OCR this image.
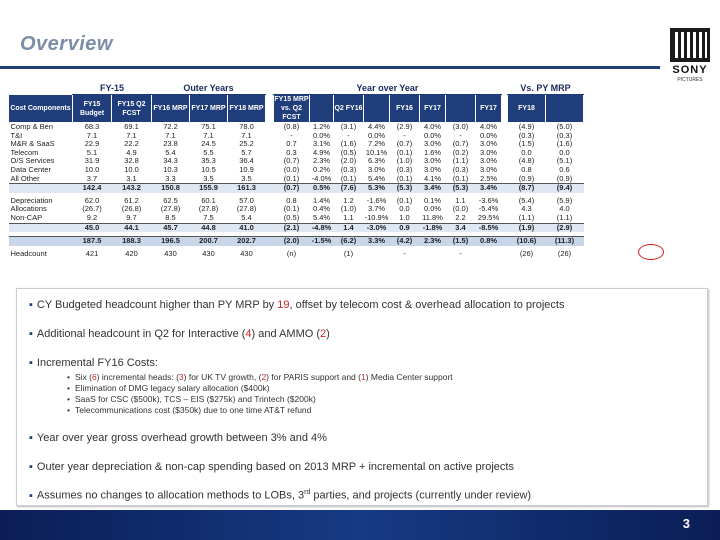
Overview
SONY
PICTURES
	FY-15		Outer Years				Year over Year									Vs. PY MRP	
Cost Components	FY15 Budget	FY15 Q2 FCST	FY16 MRP	FY17 MRP	FY18 MRP		FY15 MRP vs. Q2 FCST		Q2 FY16		FY16	FY17		FY17		FY18	
Comp & Ben	68.3	69.1	72.2	75.1	78.0		(0.8)	1.2%	(3.1)	4.4%	(2.9)	4.0%	(3.0)	4.0%		(4.9)	(5.0)
T&I	7.1	7.1	7.1	7.1	7.1		-	0.0%	-	0.0%	-	0.0%	-	0.0%		(0.3)	(0.3)
M&R & SaaS	22.9	22.2	23.8	24.5	25.2		0.7	3.1%	(1.6)	7.2%	(0.7)	3.0%	(0.7)	3.0%		(1.5)	(1.6)
Telecom	5.1	4.9	5.4	5.5	5.7		0.3	4.9%	(0.5)	10.1%	(0.1)	1.6%	(0.2)	3.0%		0.0	0.0
O/S Services	31.9	32.8	34.3	35.3	36.4		(0.7)	2.3%	(2.0)	6.3%	(1.0)	3.0%	(1.1)	3.0%		(4.8)	(5.1)
Data Center	10.0	10.0	10.3	10.5	10.9		(0.0)	0.2%	(0.3)	3.0%	(0.3)	3.0%	(0.3)	3.0%		0.8	0.6
All Other	3.7	3.1	3.3	3.5	3.5		(0.1)	-4.0%	(0.1)	5.4%	(0.1)	4.1%	(0.1)	2.5%		(0.9)	(0.9)
	142.4	143.2	150.8	155.9	161.3		(0.7)	0.5%	(7.6)	5.3%	(5.3)	3.4%	(5.3)	3.4%		(8.7)	(9.4)

Depreciation	62.0	61.2	62.5	60.1	57.0		0.8	1.4%	1.2	-1.6%	(0.1)	0.1%	1.1	-3.6%		(5.4)	(5.9)
Allocations	(26.7)	(26.8)	(27.8)	(27.8)	(27.8)		(0.1)	0.4%	(1.0)	3.7%	0.0	0.0%	(0.0)	-5.4%		4.3	4.0
Non-CAP	9.2	9.7	8.5	7.5	5.4		(0.5)	5.4%	1.1	-10.9%	1.0	11.8%	2.2	29.5%		(1.1)	(1.1)
	45.0	44.1	45.7	44.8	41.0		(2.1)	-4.8%	1.4	-3.0%	0.9	-1.8%	3.4	-8.5%		(1.9)	(2.9)

	187.5	188.3	196.5	200.7	202.7		(2.0)	-1.5%	(6.2)	3.3%	(4.2)	2.3%	(1.5)	0.8%		(10.6)	(11.3)

Headcount	421	420	430	430	430		(n)		(1)		-		-			(26)	(26)
▪ CY Budgeted headcount higher than PY MRP by 19, offset by telecom cost & overhead allocation to projects
▪ Additional headcount in Q2 for Interactive (4) and AMMO (2)
▪ Incremental FY16 Costs:
• Six (6) incremental heads: (3) for UK TV growth, (2) for PARIS support and (1) Media Center support
• Elimination of DMG legacy salary allocation ($400k)
• SaaS for CSC ($500k), TCS – EIS ($275k) and Trintech ($200k)
• Telecommunications cost ($350k) due to one time AT&T refund
▪ Year over year gross overhead growth between 3% and 4%
▪ Outer year depreciation & non-cap spending based on 2013 MRP + incremental on active projects
▪ Assumes no changes to allocation methods to LOBs, 3rd parties, and projects (currently under review)
3
